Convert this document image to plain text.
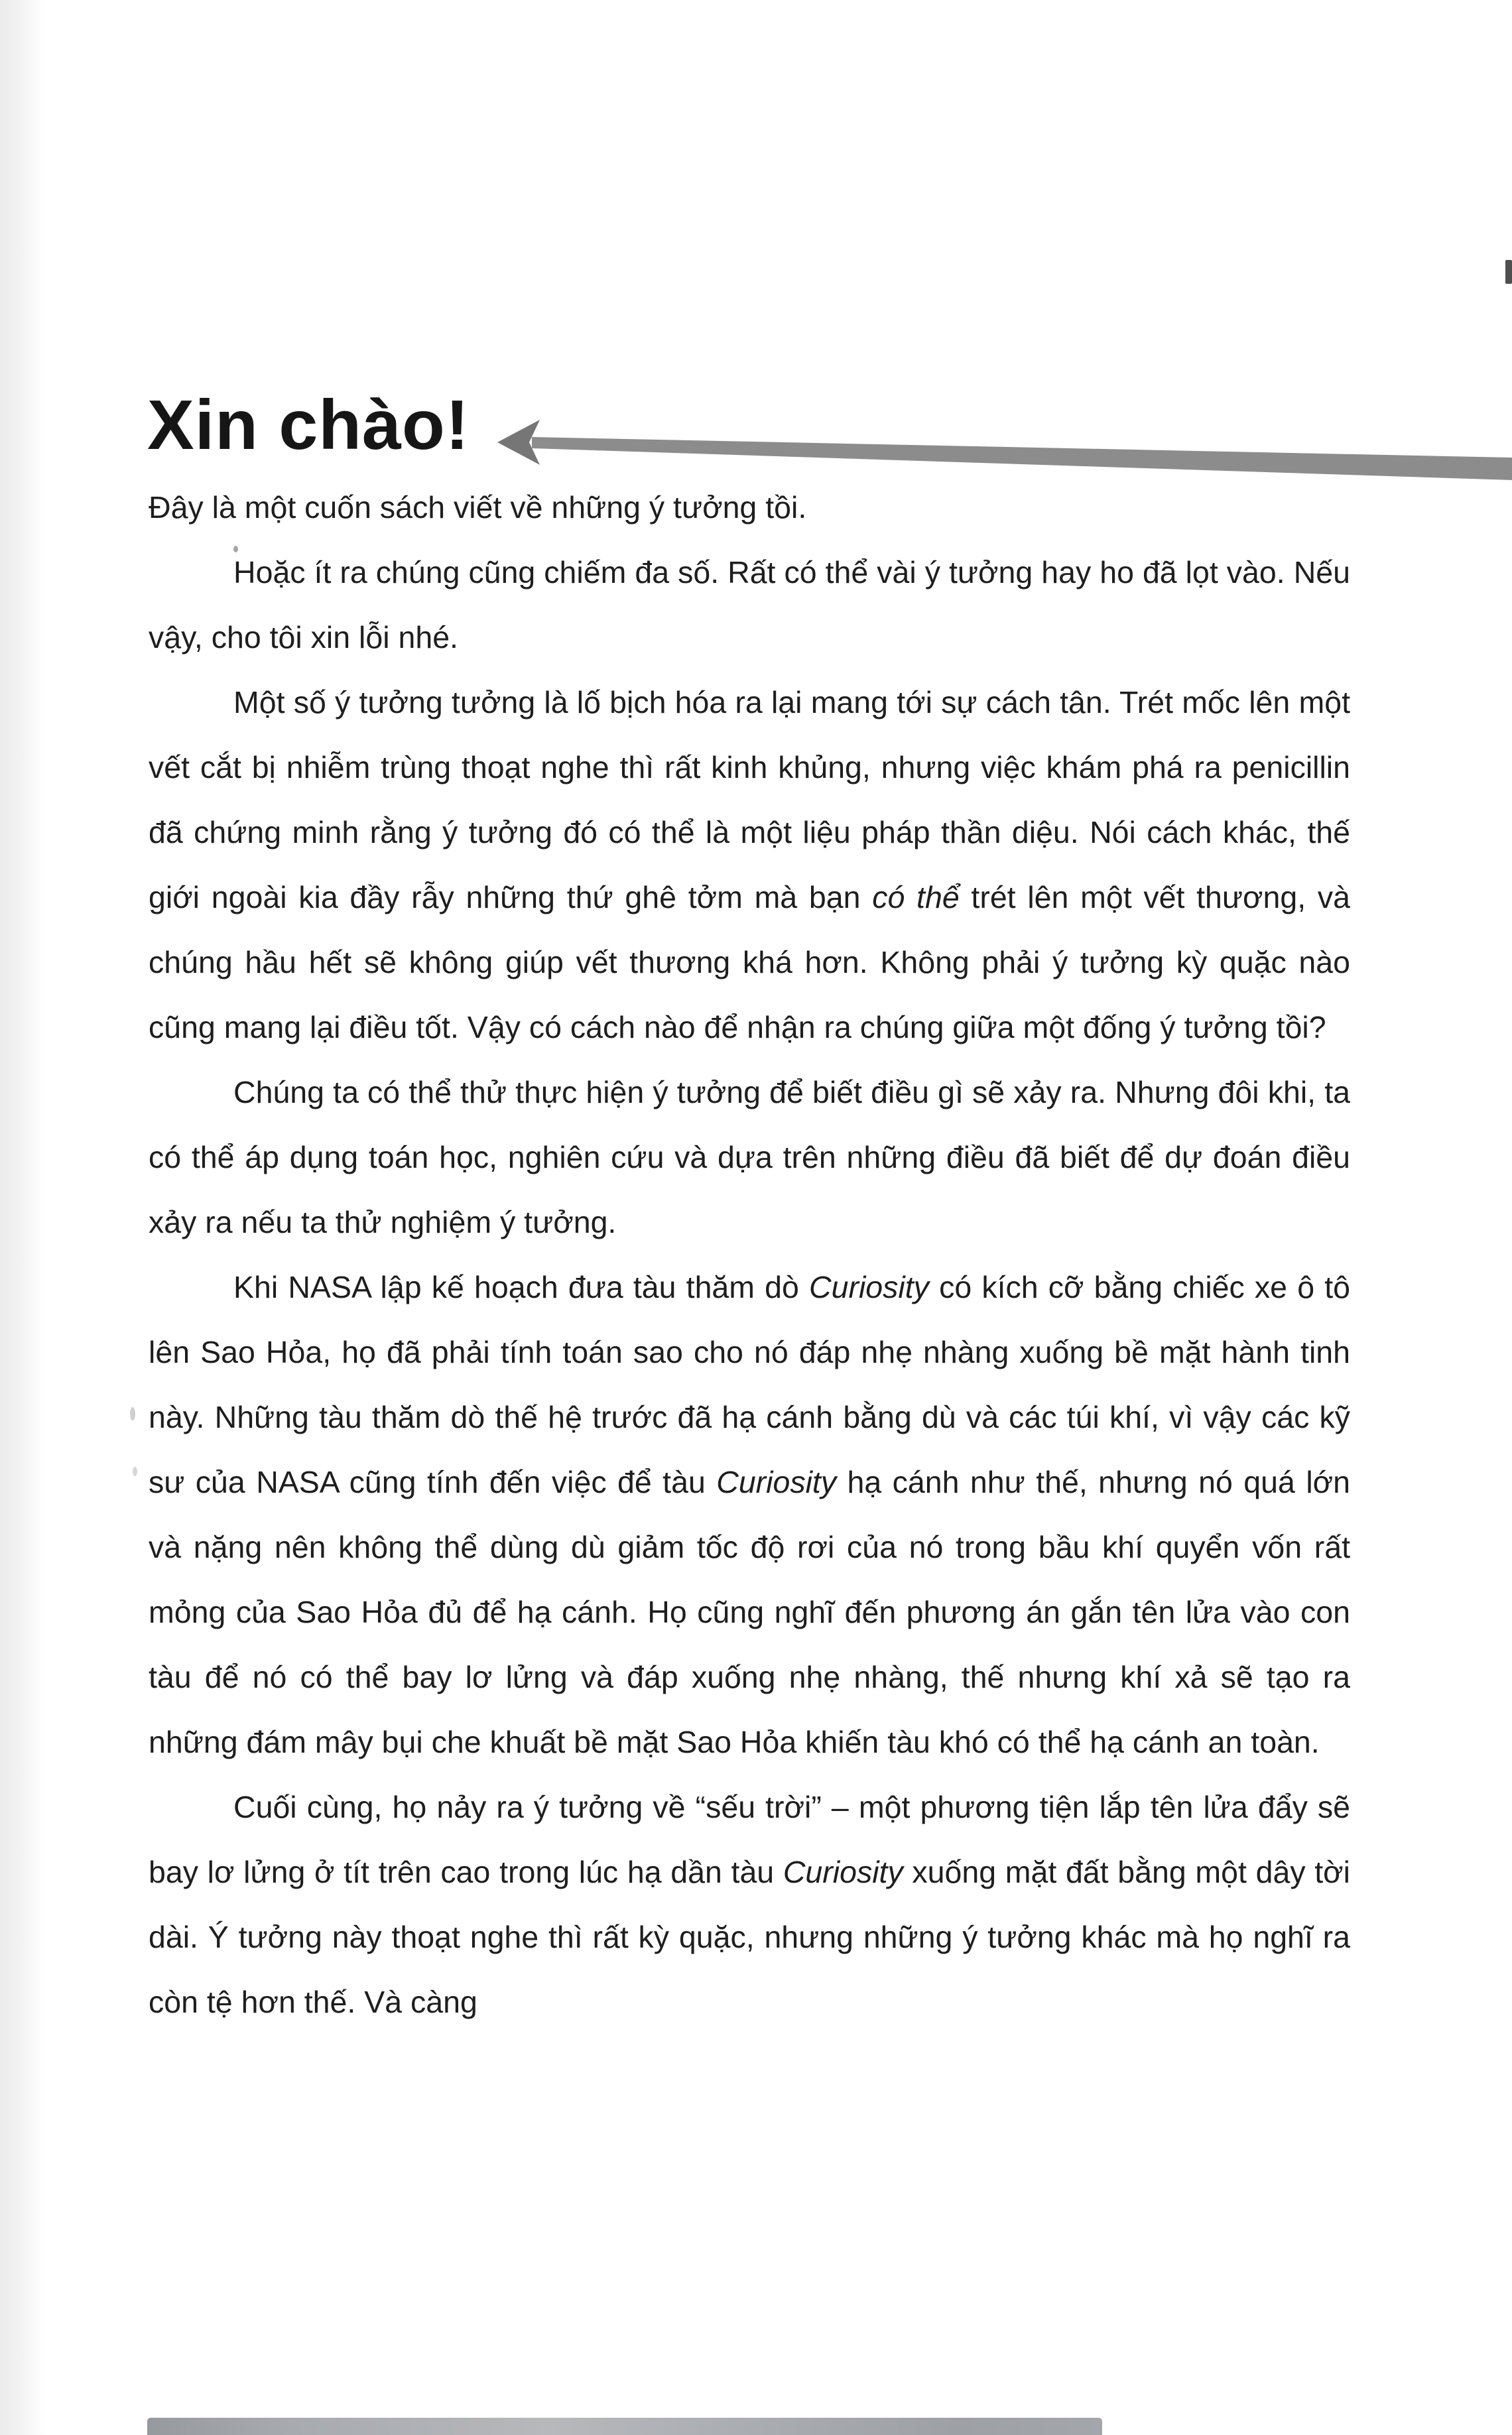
Xin chào!

Đây là một cuốn sách viết về những ý tưởng tồi.

Hoặc ít ra chúng cũng chiếm đa số. Rất có thể vài ý tưởng hay ho đã lọt vào. Nếu vậy, cho tôi xin lỗi nhé.

Một số ý tưởng tưởng là lố bịch hóa ra lại mang tới sự cách tân. Trét mốc lên một vết cắt bị nhiễm trùng thoạt nghe thì rất kinh khủng, nhưng việc khám phá ra penicillin đã chứng minh rằng ý tưởng đó có thể là một liệu pháp thần diệu. Nói cách khác, thế giới ngoài kia đầy rẫy những thứ ghê tởm mà bạn có thể trét lên một vết thương, và chúng hầu hết sẽ không giúp vết thương khá hơn. Không phải ý tưởng kỳ quặc nào cũng mang lại điều tốt. Vậy có cách nào để nhận ra chúng giữa một đống ý tưởng tồi?

Chúng ta có thể thử thực hiện ý tưởng để biết điều gì sẽ xảy ra. Nhưng đôi khi, ta có thể áp dụng toán học, nghiên cứu và dựa trên những điều đã biết để dự đoán điều xảy ra nếu ta thử nghiệm ý tưởng.

Khi NASA lập kế hoạch đưa tàu thăm dò Curiosity có kích cỡ bằng chiếc xe ô tô lên Sao Hỏa, họ đã phải tính toán sao cho nó đáp nhẹ nhàng xuống bề mặt hành tinh này. Những tàu thăm dò thế hệ trước đã hạ cánh bằng dù và các túi khí, vì vậy các kỹ sư của NASA cũng tính đến việc để tàu Curiosity hạ cánh như thế, nhưng nó quá lớn và nặng nên không thể dùng dù giảm tốc độ rơi của nó trong bầu khí quyển vốn rất mỏng của Sao Hỏa đủ để hạ cánh. Họ cũng nghĩ đến phương án gắn tên lửa vào con tàu để nó có thể bay lơ lửng và đáp xuống nhẹ nhàng, thế nhưng khí xả sẽ tạo ra những đám mây bụi che khuất bề mặt Sao Hỏa khiến tàu khó có thể hạ cánh an toàn.

Cuối cùng, họ nảy ra ý tưởng về “sếu trời” – một phương tiện lắp tên lửa đẩy sẽ bay lơ lửng ở tít trên cao trong lúc hạ dần tàu Curiosity xuống mặt đất bằng một dây tời dài. Ý tưởng này thoạt nghe thì rất kỳ quặc, nhưng những ý tưởng khác mà họ nghĩ ra còn tệ hơn thế. Và càng
